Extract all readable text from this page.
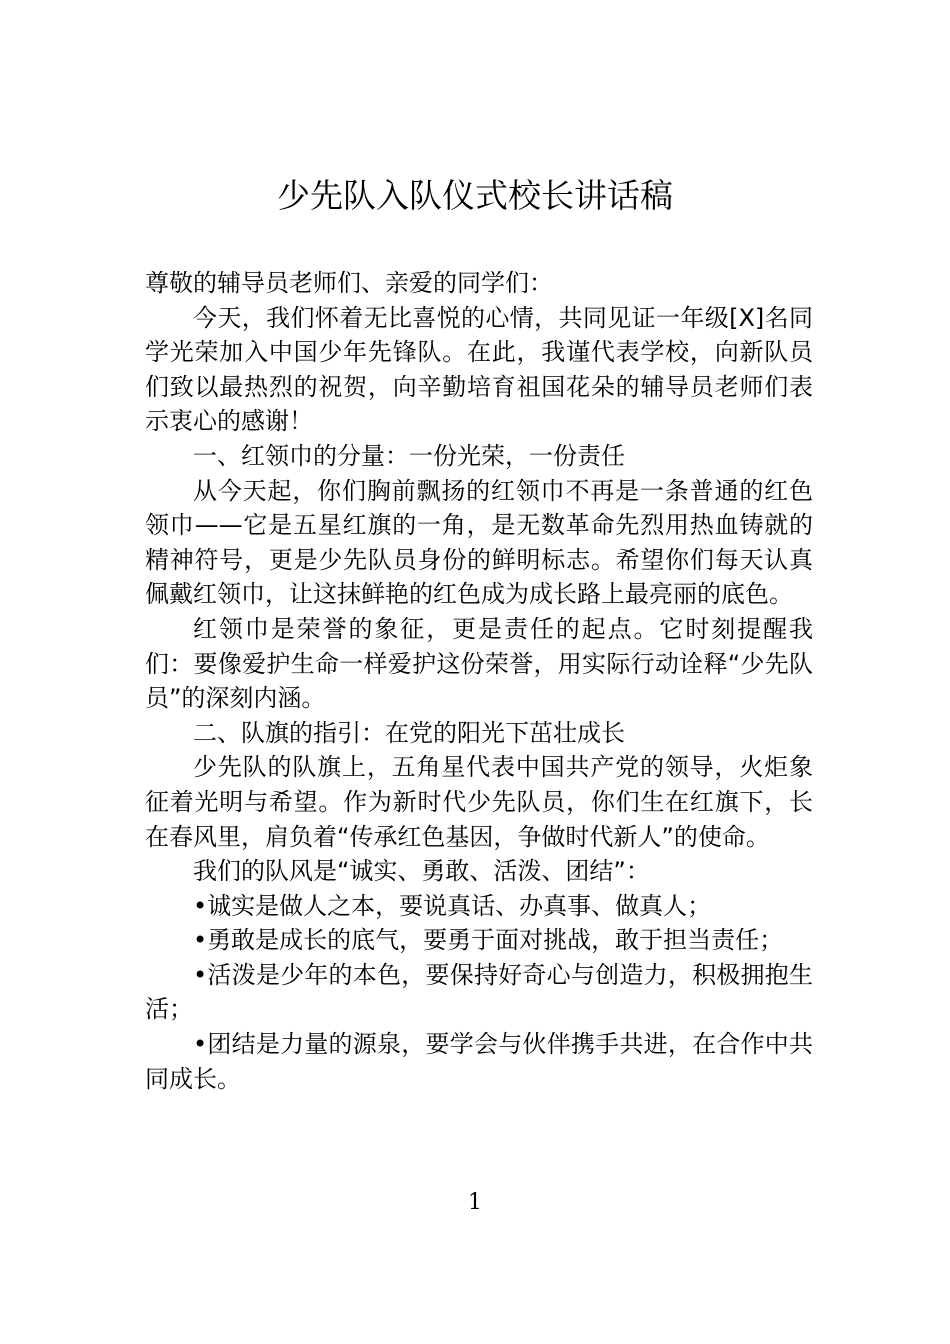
少先队入队仪式校长讲话稿

尊敬的辅导员老师们、亲爱的同学们：

今天，我们怀着无比喜悦的心情，共同见证一年级[X]名同学光荣加入中国少年先锋队。在此，我谨代表学校，向新队员们致以最热烈的祝贺，向辛勤培育祖国花朵的辅导员老师们表示衷心的感谢！

一、红领巾的分量：一份光荣，一份责任

从今天起，你们胸前飘扬的红领巾不再是一条普通的红色领巾——它是五星红旗的一角，是无数革命先烈用热血铸就的精神符号，更是少先队员身份的鲜明标志。希望你们每天认真佩戴红领巾，让这抹鲜艳的红色成为成长路上最亮丽的底色。

红领巾是荣誉的象征，更是责任的起点。它时刻提醒我们：要像爱护生命一样爱护这份荣誉，用实际行动诠释“少先队员”的深刻内涵。

二、队旗的指引：在党的阳光下茁壮成长

少先队的队旗上，五角星代表中国共产党的领导，火炬象征着光明与希望。作为新时代少先队员，你们生在红旗下，长在春风里，肩负着“传承红色基因，争做时代新人”的使命。

我们的队风是“诚实、勇敢、活泼、团结”：

•诚实是做人之本，要说真话、办真事、做真人；

•勇敢是成长的底气，要勇于面对挑战，敢于担当责任；

•活泼是少年的本色，要保持好奇心与创造力，积极拥抱生活；

•团结是力量的源泉，要学会与伙伴携手共进，在合作中共同成长。

1
